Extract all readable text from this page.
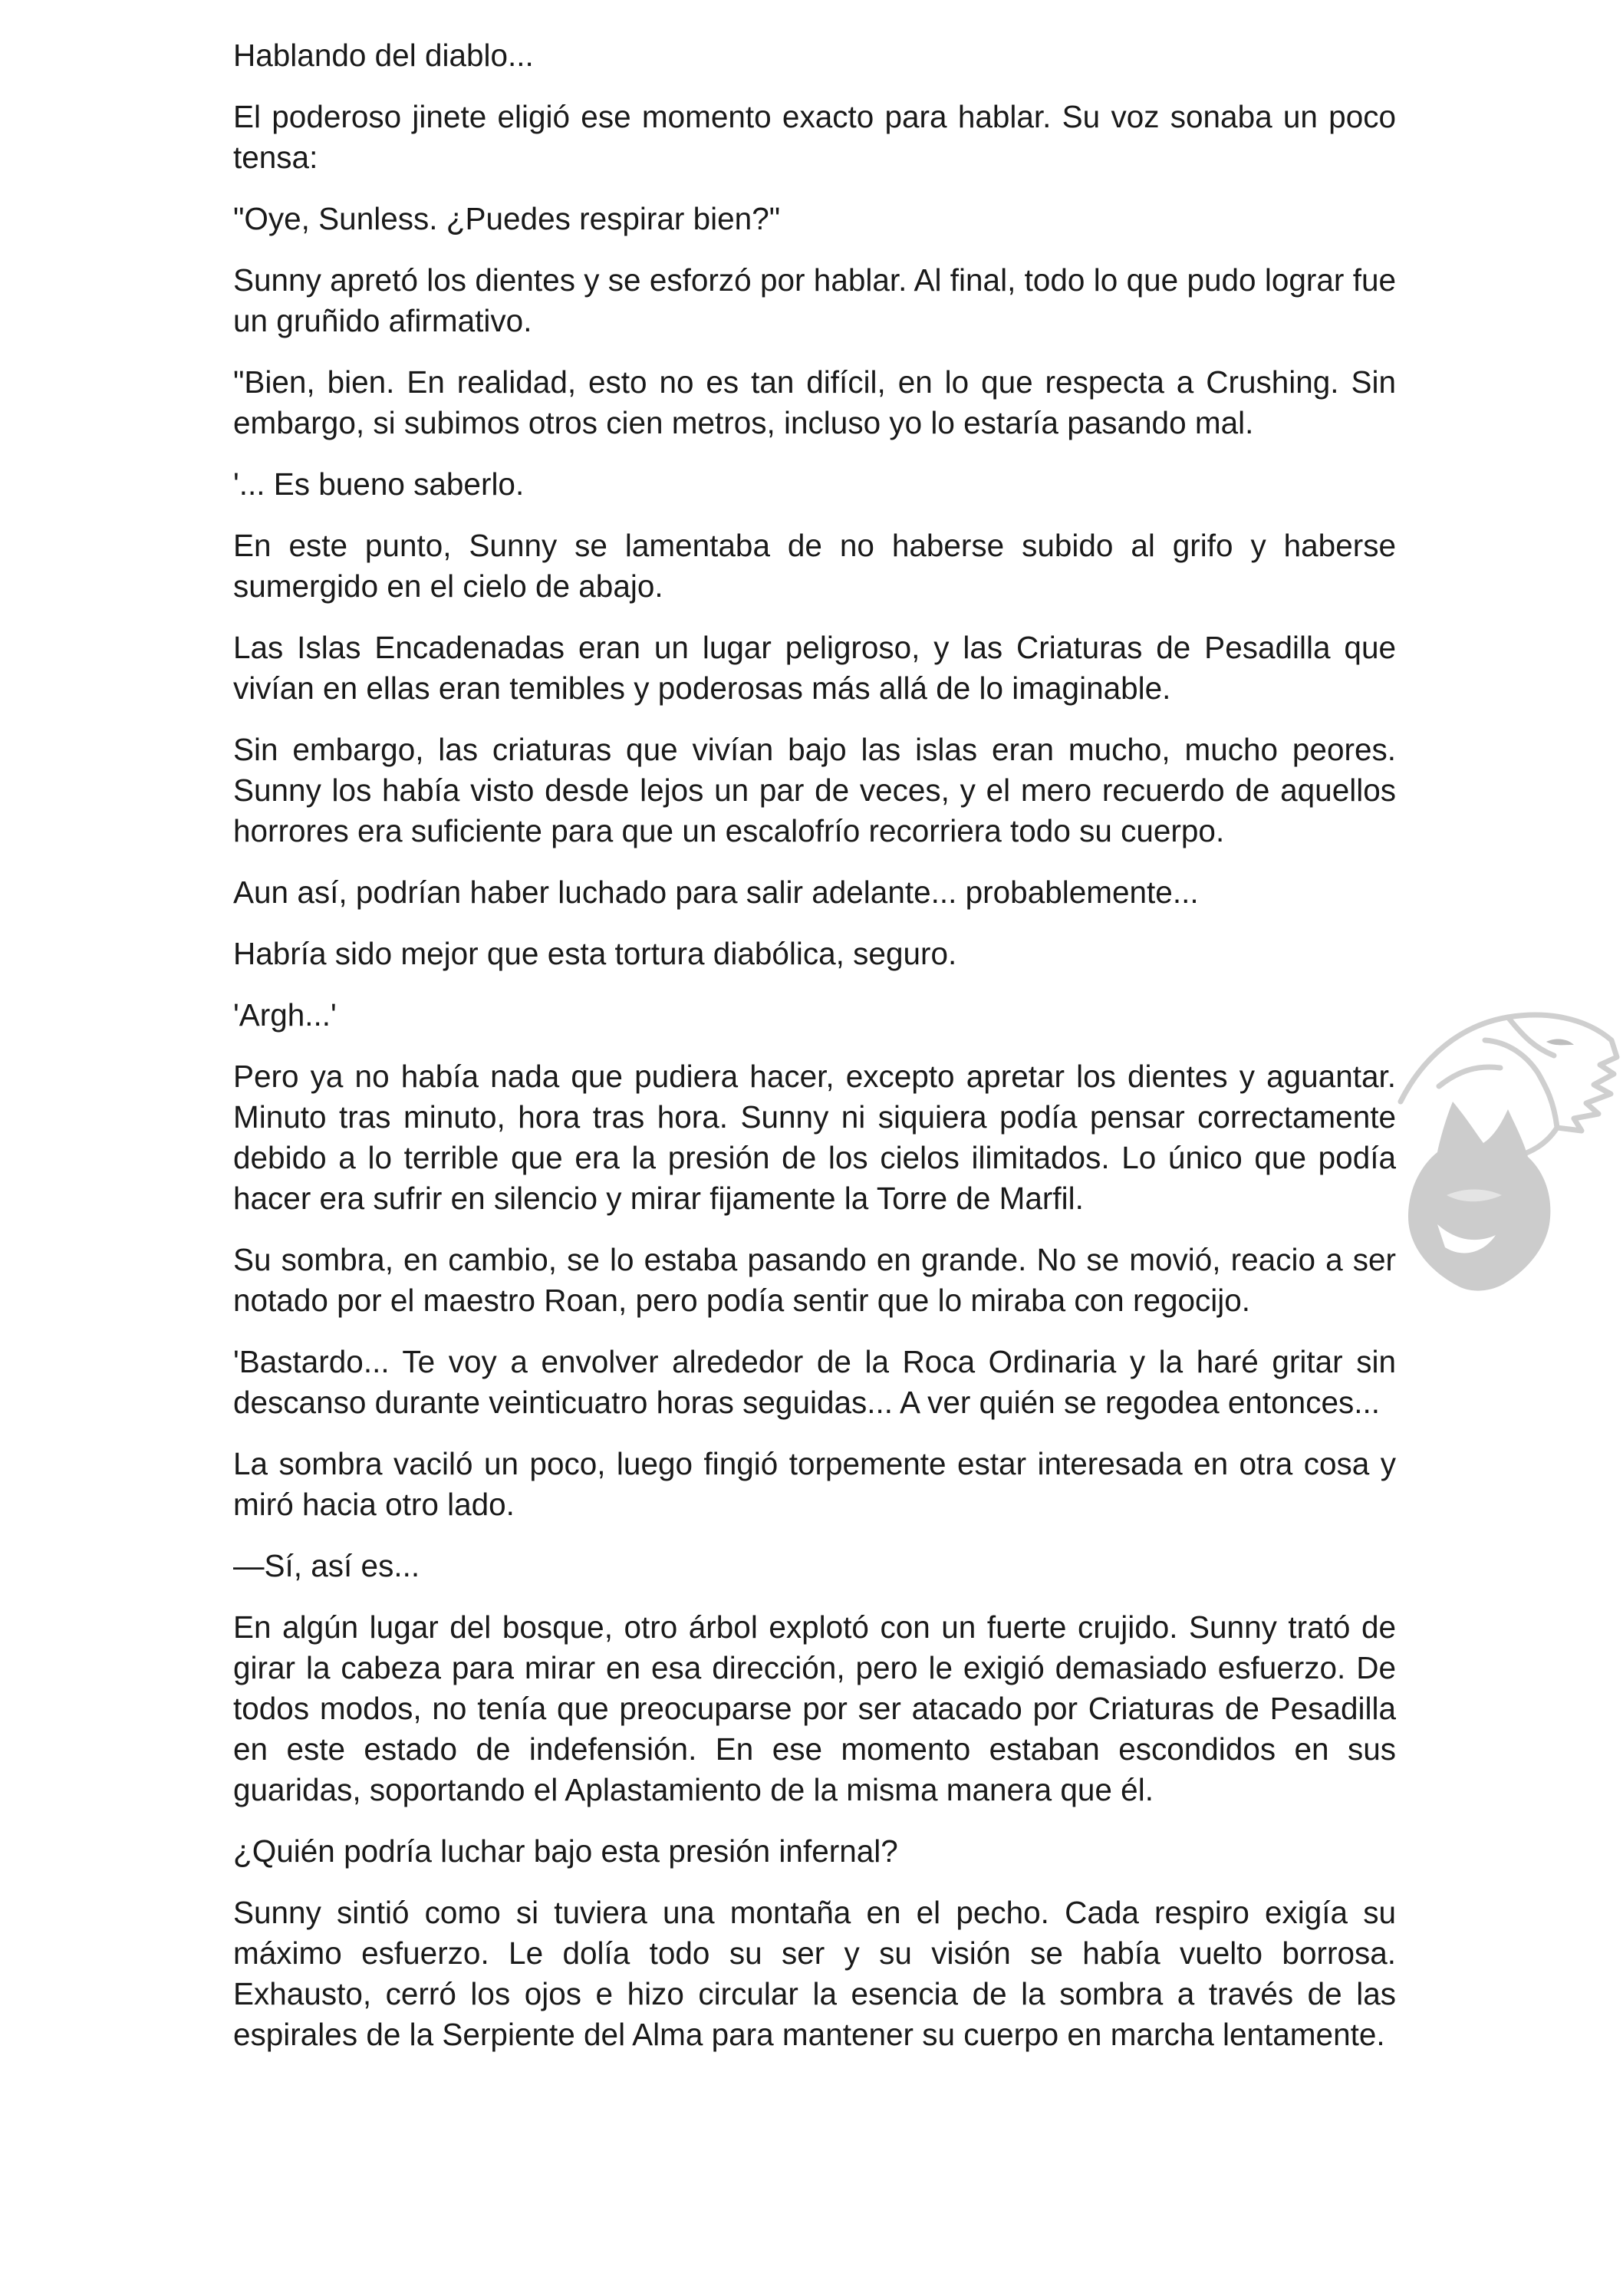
Hablando del diablo...

El poderoso jinete eligió ese momento exacto para hablar. Su voz sonaba un poco tensa:

"Oye, Sunless. ¿Puedes respirar bien?"

Sunny apretó los dientes y se esforzó por hablar. Al final, todo lo que pudo lograr fue un gruñido afirmativo.

"Bien, bien. En realidad, esto no es tan difícil, en lo que respecta a Crushing. Sin embargo, si subimos otros cien metros, incluso yo lo estaría pasando mal.

'... Es bueno saberlo.

En este punto, Sunny se lamentaba de no haberse subido al grifo y haberse sumergido en el cielo de abajo.

Las Islas Encadenadas eran un lugar peligroso, y las Criaturas de Pesadilla que vivían en ellas eran temibles y poderosas más allá de lo imaginable.

Sin embargo, las criaturas que vivían bajo las islas eran mucho, mucho peores. Sunny los había visto desde lejos un par de veces, y el mero recuerdo de aquellos horrores era suficiente para que un escalofrío recorriera todo su cuerpo.

Aun así, podrían haber luchado para salir adelante... probablemente...

Habría sido mejor que esta tortura diabólica, seguro.

'Argh...'

Pero ya no había nada que pudiera hacer, excepto apretar los dientes y aguantar. Minuto tras minuto, hora tras hora. Sunny ni siquiera podía pensar correctamente debido a lo terrible que era la presión de los cielos ilimitados. Lo único que podía hacer era sufrir en silencio y mirar fijamente la Torre de Marfil.

Su sombra, en cambio, se lo estaba pasando en grande. No se movió, reacio a ser notado por el maestro Roan, pero podía sentir que lo miraba con regocijo.

'Bastardo... Te voy a envolver alrededor de la Roca Ordinaria y la haré gritar sin descanso durante veinticuatro horas seguidas... A ver quién se regodea entonces...

La sombra vaciló un poco, luego fingió torpemente estar interesada en otra cosa y miró hacia otro lado.

—Sí, así es...

En algún lugar del bosque, otro árbol explotó con un fuerte crujido. Sunny trató de girar la cabeza para mirar en esa dirección, pero le exigió demasiado esfuerzo. De todos modos, no tenía que preocuparse por ser atacado por Criaturas de Pesadilla en este estado de indefensión. En ese momento estaban escondidos en sus guaridas, soportando el Aplastamiento de la misma manera que él.

¿Quién podría luchar bajo esta presión infernal?

Sunny sintió como si tuviera una montaña en el pecho. Cada respiro exigía su máximo esfuerzo. Le dolía todo su ser y su visión se había vuelto borrosa. Exhausto, cerró los ojos e hizo circular la esencia de la sombra a través de las espirales de la Serpiente del Alma para mantener su cuerpo en marcha lentamente.
